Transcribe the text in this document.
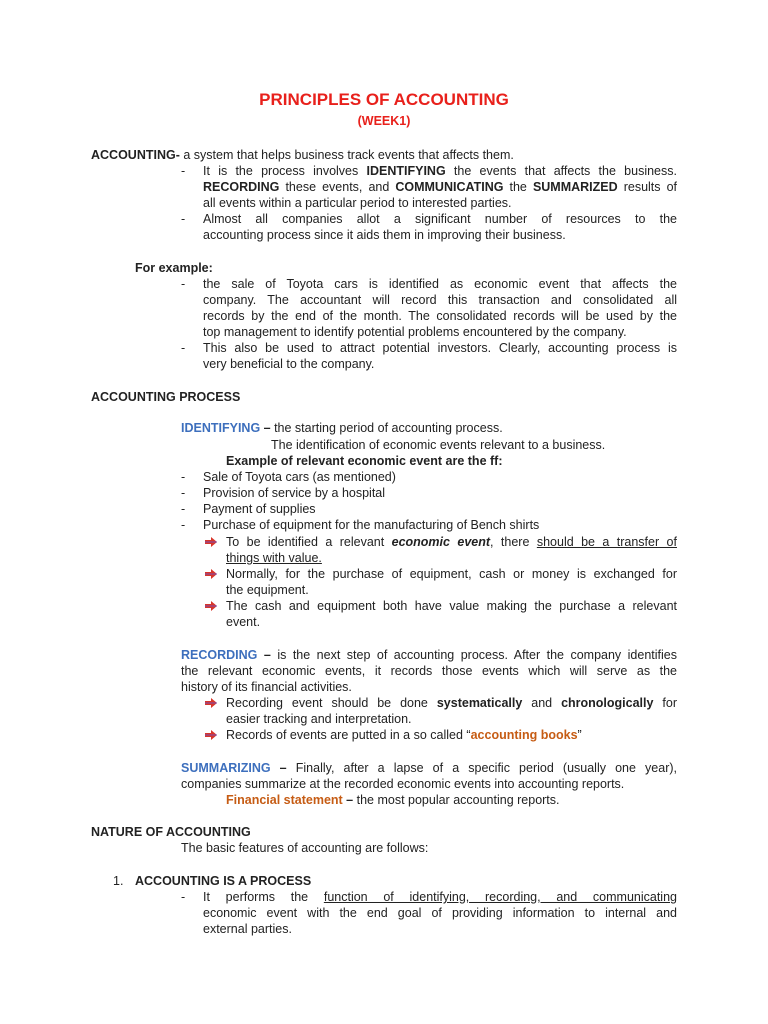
PRINCIPLES OF ACCOUNTING
(WEEK1)
ACCOUNTING- a system that helps business track events that affects them.
- It is the process involves IDENTIFYING the events that affects the business.
RECORDING these events, and COMMUNICATING the SUMMARIZED results of
all events within a particular period to interested parties.
- Almost all companies allot a significant number of resources to the
accounting process since it aids them in improving their business.
For example:
- the sale of Toyota cars is identified as economic event that affects the
company. The accountant will record this transaction and consolidated all
records by the end of the month. The consolidated records will be used by the
top management to identify potential problems encountered by the company.
- This also be used to attract potential investors. Clearly, accounting process is
very beneficial to the company.
ACCOUNTING PROCESS
IDENTIFYING – the starting period of accounting process.
The identification of economic events relevant to a business.
Example of relevant economic event are the ff:
- Sale of Toyota cars (as mentioned)
- Provision of service by a hospital
- Payment of supplies
- Purchase of equipment for the manufacturing of Bench shirts
To be identified a relevant economic event, there should be a transfer of
things with value.
Normally, for the purchase of equipment, cash or money is exchanged for
the equipment.
The cash and equipment both have value making the purchase a relevant
event.
RECORDING – is the next step of accounting process. After the company identifies
the relevant economic events, it records those events which will serve as the
history of its financial activities.
Recording event should be done systematically and chronologically for
easier tracking and interpretation.
Records of events are putted in a so called “accounting books”
SUMMARIZING – Finally, after a lapse of a specific period (usually one year),
companies summarize at the recorded economic events into accounting reports.
Financial statement – the most popular accounting reports.
NATURE OF ACCOUNTING
The basic features of accounting are follows:
1. ACCOUNTING IS A PROCESS
- It performs the function of identifying, recording, and communicating
economic event with the end goal of providing information to internal and
external parties.
